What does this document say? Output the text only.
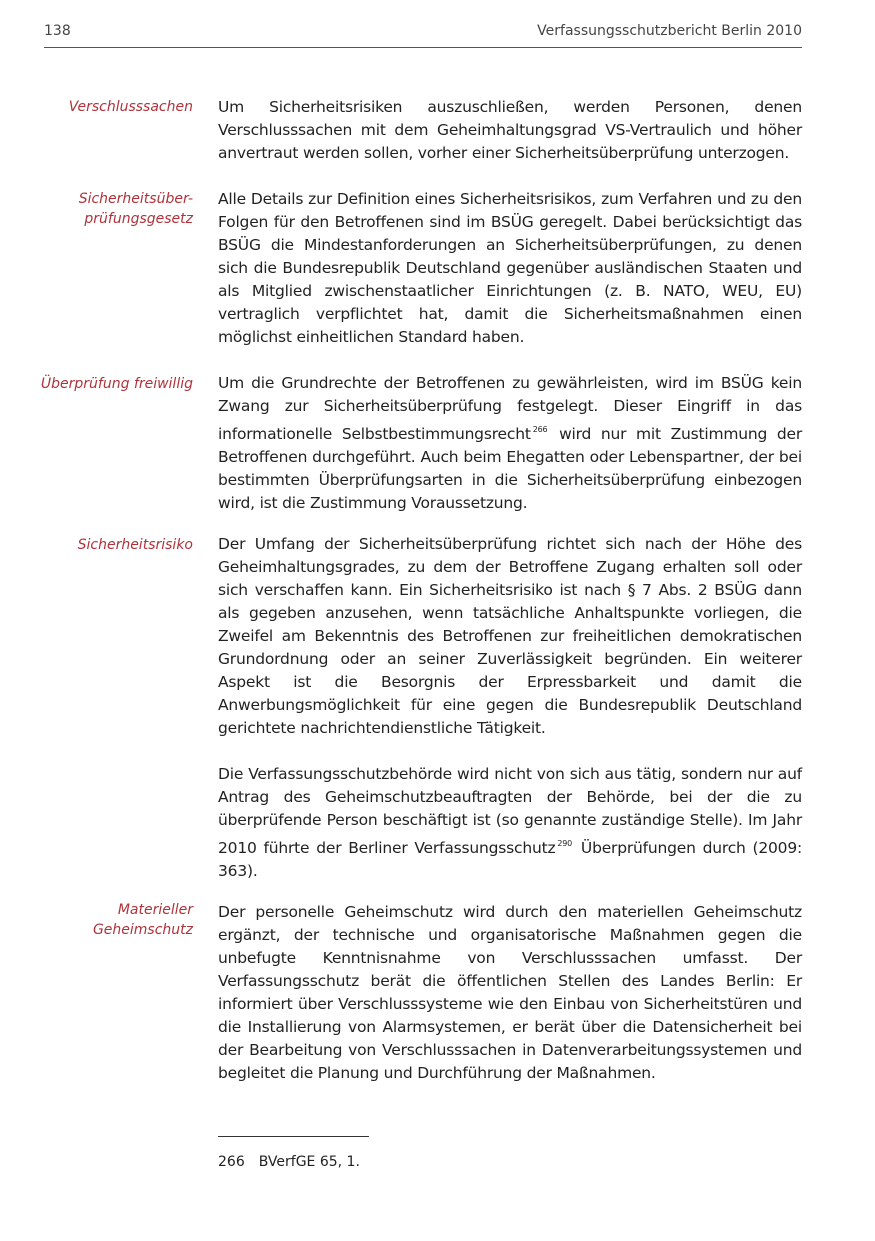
138	Verfassungsschutzbericht Berlin 2010
Verschlusssachen Um Sicherheitsrisiken auszuschließen, werden Personen, denen Verschlusssachen mit dem Geheimhaltungsgrad VS-Vertraulich und höher anvertraut werden sollen, vorher einer Sicherheitsüberprüfung unterzogen.

Sicherheitsüber-
prüfungsgesetz

Alle Details zur Definition eines Sicherheitsrisikos, zum Verfahren und zu den Folgen für den Betroffenen sind im BSÜG geregelt. Dabei berücksichtigt das BSÜG die Mindestanforderungen an Sicherheitsüberprüfungen, zu denen sich die Bundesrepublik Deutschland gegenüber ausländischen Staaten und als Mitglied zwischenstaatlicher Einrichtungen (z. B. NATO, WEU, EU) vertraglich verpflichtet hat, damit die Sicherheitsmaßnahmen einen möglichst einheitlichen Standard haben.

Überprüfung freiwillig Um die Grundrechte der Betroffenen zu gewährleisten, wird im BSÜG kein Zwang zur Sicherheitsüberprüfung festgelegt. Dieser Eingriff in das informationelle Selbstbestimmungsrecht $^{266}$ wird nur mit Zustimmung der Betroffenen durchgeführt. Auch beim Ehegatten oder Lebenspartner, der bei bestimmten Überprüfungsarten in die Sicherheitsüberprüfung einbezogen wird, ist die Zustimmung Voraussetzung.

Sicherheitsrisiko Der Umfang der Sicherheitsüberprüfung richtet sich nach der Höhe des Geheimhaltungsgrades, zu dem der Betroffene Zugang erhalten soll oder sich verschaffen kann. Ein Sicherheitsrisiko ist nach § 7 Abs. 2 BSÜG dann als gegeben anzusehen, wenn tatsächliche Anhaltspunkte vorliegen, die Zweifel am Bekenntnis des Betroffenen zur freiheitlichen demokratischen Grundordnung oder an seiner Zuverlässigkeit begründen. Ein weiterer Aspekt ist die Besorgnis der Erpressbarkeit und damit die Anwerbungsmöglichkeit für eine gegen die Bundesrepublik Deutschland gerichtete nachrichtendienstliche Tätigkeit.

Die Verfassungsschutzbehörde wird nicht von sich aus tätig, sondern nur auf Antrag des Geheimschutzbeauftragten der Behörde, bei der die zu überprüfende Person beschäftigt ist (so genannte zuständige Stelle). Im Jahr 2010 führte der Berliner Verfassungsschutz $^{290}$ Überprüfungen durch (2009: 363).

Materieller
Geheimschutz

Der personelle Geheimschutz wird durch den materiellen Geheimschutz ergänzt, der technische und organisatorische Maßnahmen gegen die unbefugte Kenntnisnahme von Verschlusssachen umfasst. Der Verfassungsschutz berät die öffentlichen Stellen des Landes Berlin: Er informiert über Verschlusssysteme wie den Einbau von Sicherheitstüren und die Installierung von Alarmsystemen, er berät über die Datensicherheit bei der Bearbeitung von Verschlusssachen in Datenverarbeitungssystemen und begleitet die Planung und Durchführung der Maßnahmen.

266 BVerfGE 65, 1.
